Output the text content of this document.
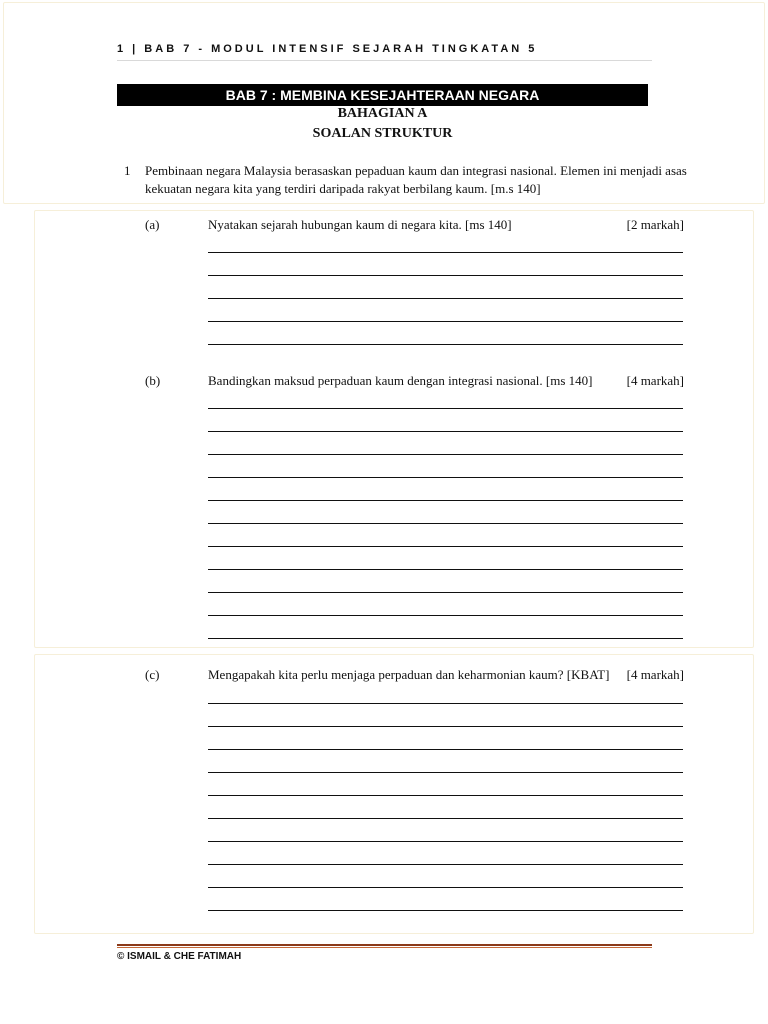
1 | BAB 7 - MODUL INTENSIF SEJARAH TINGKATAN 5
BAB 7 : MEMBINA KESEJAHTERAAN NEGARA
BAHAGIAN A
SOALAN STRUKTUR
1 Pembinaan negara Malaysia berasaskan pepaduan kaum dan integrasi nasional. Elemen ini menjadi asas kekuatan negara kita yang terdiri daripada rakyat berbilang kaum. [m.s 140]
(a)	Nyatakan sejarah hubungan kaum di negara kita. [ms 140]	[2 markah]
(b)	Bandingkan maksud perpaduan kaum dengan integrasi nasional. [ms 140]	[4 markah]
(c)	Mengapakah kita perlu menjaga perpaduan dan keharmonian kaum? [KBAT] [4 markah]
© ISMAIL & CHE FATIMAH
